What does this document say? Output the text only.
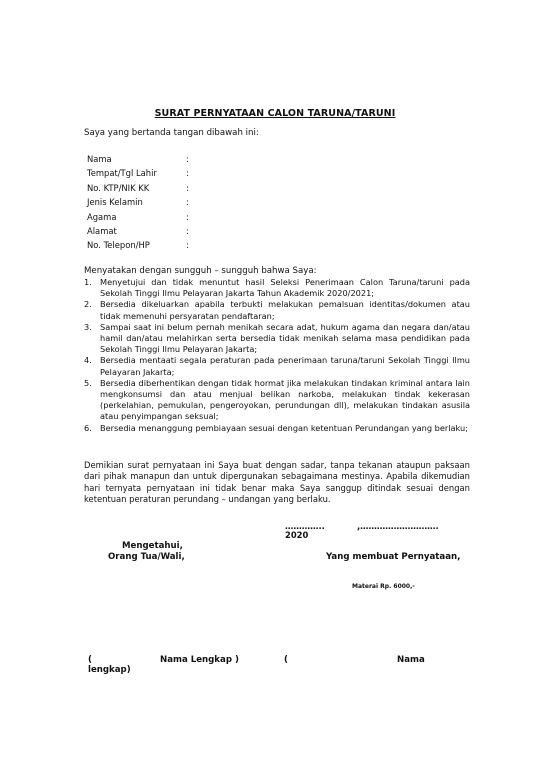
SURAT PERNYATAAN CALON TARUNA/TARUNI
Saya yang bertanda tangan dibawah ini:
Nama	:
Tempat/Tgl Lahir	:
No. KTP/NIK KK	:
Jenis Kelamin	:
Agama	:
Alamat	:
No. Telepon/HP	:
Menyatakan dengan sungguh – sungguh bahwa Saya:
1. Menyetujui dan tidak menuntut hasil Seleksi Penerimaan Calon Taruna/taruni pada Sekolah Tinggi Ilmu Pelayaran Jakarta Tahun Akademik 2020/2021;
2. Bersedia dikeluarkan apabila terbukti melakukan pemalsuan identitas/dokumen atau tidak memenuhi persyaratan pendaftaran;
3. Sampai saat ini belum pernah menikah secara adat, hukum agama dan negara dan/atau hamil dan/atau melahirkan serta bersedia tidak menikah selama masa pendidikan pada Sekolah Tinggi Ilmu Pelayaran Jakarta;
4. Bersedia mentaati segala peraturan pada penerimaan taruna/taruni Sekolah Tinggi Ilmu Pelayaran Jakarta;
5. Bersedia diberhentikan dengan tidak hormat jika melakukan tindakan kriminal antara lain mengkonsumsi dan atau menjual belikan narkoba, melakukan tindak kekerasan (perkelahian, pemukulan, pengeroyokan, perundungan dll), melakukan tindakan asusila atau penyimpangan seksual;
6. Bersedia menanggung pembiayaan sesuai dengan ketentuan Perundangan yang berlaku;
Demikian surat pernyataan ini Saya buat dengan sadar, tanpa tekanan ataupun paksaan dari pihak manapun dan untuk dipergunakan sebagaimana mestinya. Apabila dikemudian hari ternyata pernyataan ini tidak benar maka Saya sanggup ditindak sesuai dengan ketentuan peraturan perundang – undangan yang berlaku.
…………..	,……………………….
2020
Mengetahui,
Orang Tua/Wali,	Yang membuat Pernyataan,
Materai Rp. 6000,-
(	Nama Lengkap )	(	Nama
lengkap)
